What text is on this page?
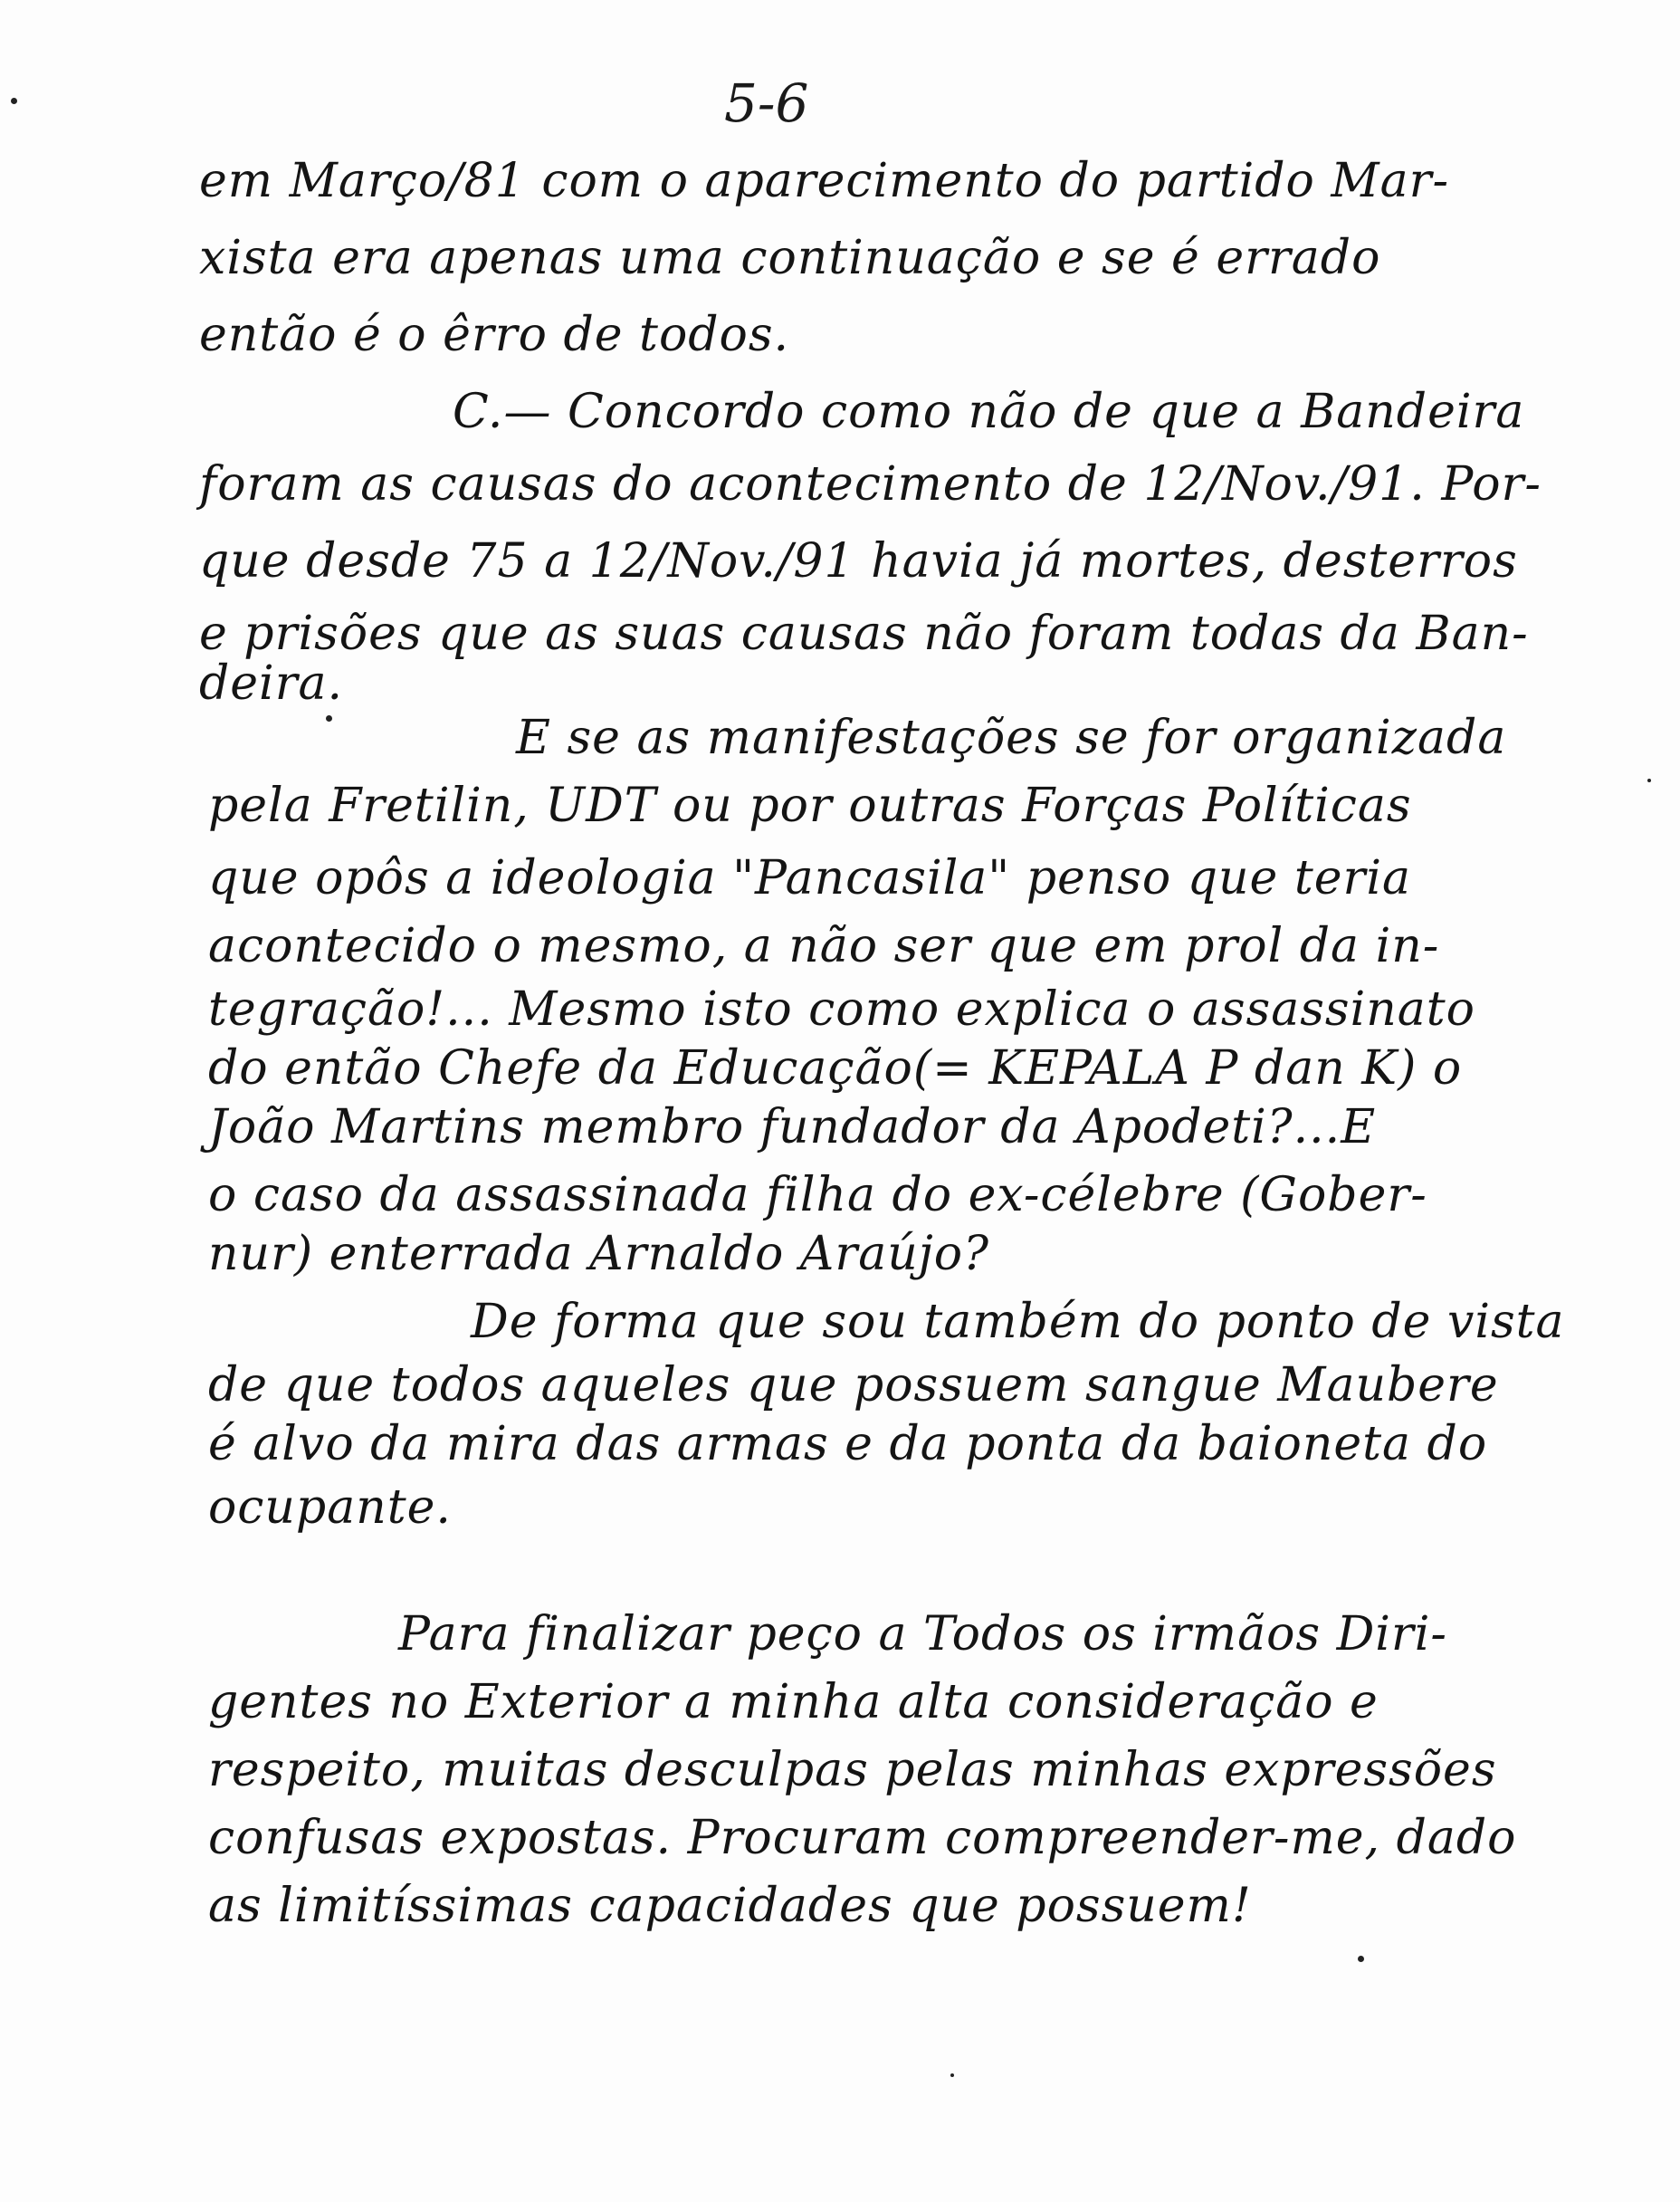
5-6
em Março/81 com o aparecimento do partido Mar-
xista era apenas uma continuação e se é errado
então é o êrro de todos.
C.— Concordo como não de que a Bandeira
foram as causas do acontecimento de 12/Nov./91. Por-
que desde 75 a 12/Nov./91 havia já mortes, desterros
e prisões que as suas causas não foram todas da Ban-
deira.
E se as manifestações se for organizada
pela Fretilin, UDT ou por outras Forças Políticas
que opôs a ideologia "Pancasila" penso que teria
acontecido o mesmo, a não ser que em prol da in-
tegração!... Mesmo isto como explica o assassinato
do então Chefe da Educação(= KEPALA P dan K) o
João Martins membro fundador da Apodeti?...E
o caso da assassinada filha do ex-célebre (Gober-
nur) enterrada Arnaldo Araújo?
De forma que sou também do ponto de vista
de que todos aqueles que possuem sangue Maubere
é alvo da mira das armas e da ponta da baioneta do
ocupante.
Para finalizar peço a Todos os irmãos Diri-
gentes no Exterior a minha alta consideração e
respeito, muitas desculpas pelas minhas expressões
confusas expostas. Procuram compreender-me, dado
as limitíssimas capacidades que possuem!
